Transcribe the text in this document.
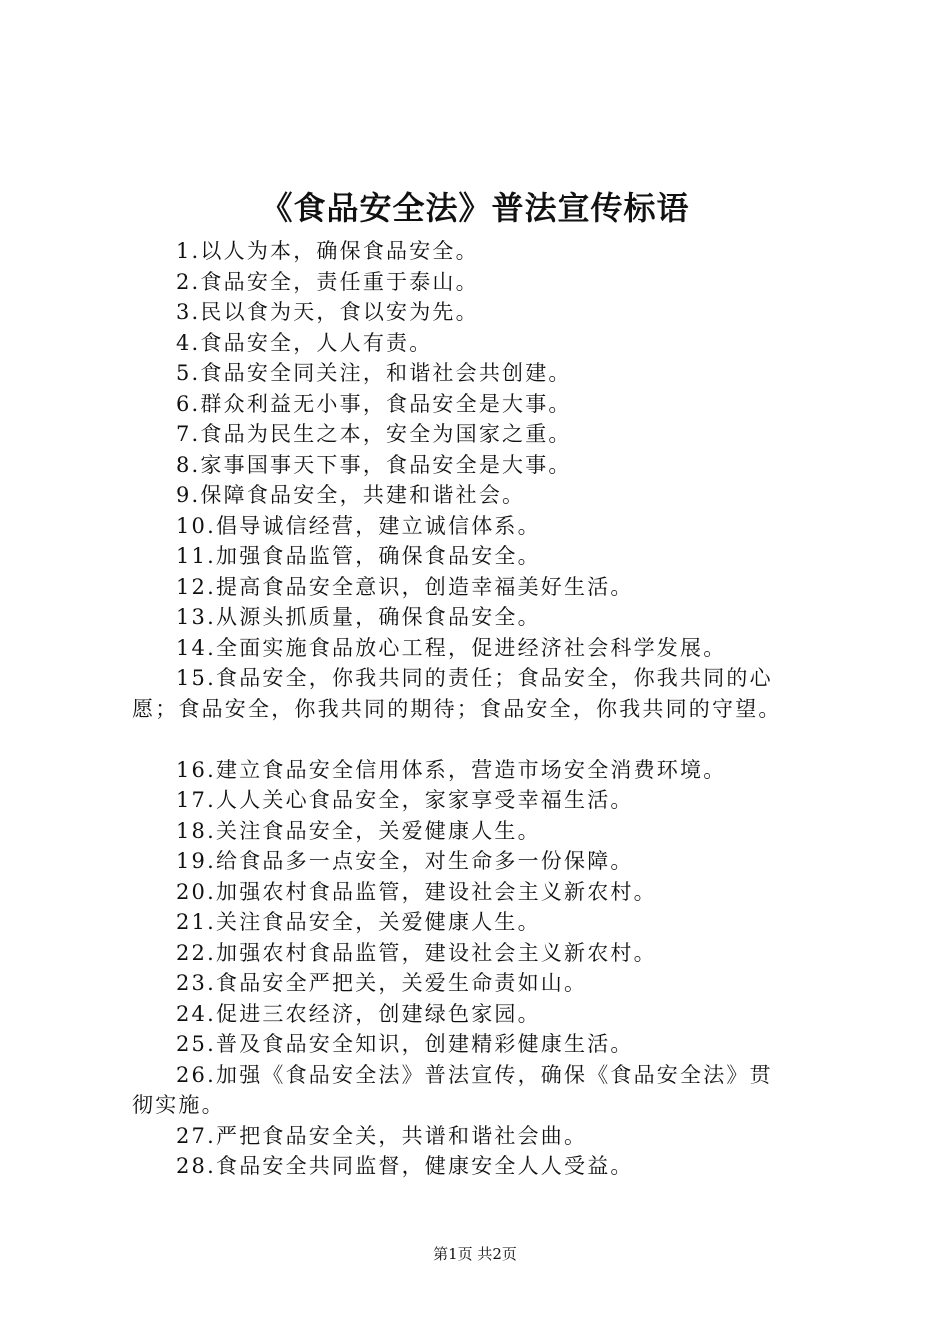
《食品安全法》普法宣传标语
1.以人为本，确保食品安全。
2.食品安全，责任重于泰山。
3.民以食为天，食以安为先。
4.食品安全，人人有责。
5.食品安全同关注，和谐社会共创建。
6.群众利益无小事，食品安全是大事。
7.食品为民生之本，安全为国家之重。
8.家事国事天下事，食品安全是大事。
9.保障食品安全，共建和谐社会。
10.倡导诚信经营，建立诚信体系。
11.加强食品监管，确保食品安全。
12.提高食品安全意识，创造幸福美好生活。
13.从源头抓质量，确保食品安全。
14.全面实施食品放心工程，促进经济社会科学发展。
15.食品安全，你我共同的责任；食品安全，你我共同的心
愿；食品安全，你我共同的期待；食品安全，你我共同的守望。
16.建立食品安全信用体系，营造市场安全消费环境。
17.人人关心食品安全，家家享受幸福生活。
18.关注食品安全，关爱健康人生。
19.给食品多一点安全，对生命多一份保障。
20.加强农村食品监管，建设社会主义新农村。
21.关注食品安全，关爱健康人生。
22.加强农村食品监管，建设社会主义新农村。
23.食品安全严把关，关爱生命责如山。
24.促进三农经济，创建绿色家园。
25.普及食品安全知识，创建精彩健康生活。
26.加强《食品安全法》普法宣传，确保《食品安全法》贯
彻实施。
27.严把食品安全关，共谱和谐社会曲。
28.食品安全共同监督，健康安全人人受益。
第1页 共2页
